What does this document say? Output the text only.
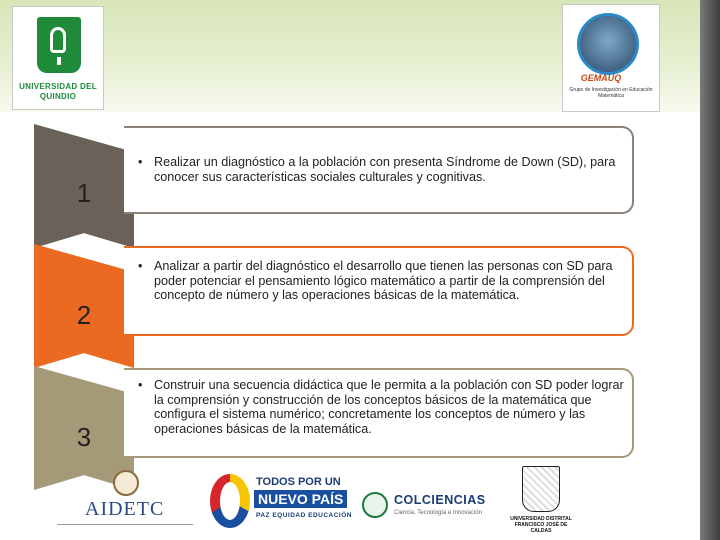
UNIVERSIDAD DEL QUINDIO
GEMAUQ
Grupo de Investigación en Educación Matemática
1
• Realizar un diagnóstico a la población con presenta Síndrome de Down (SD), para conocer sus características sociales culturales y cognitivas.
2
• Analizar a partir del diagnóstico el desarrollo que tienen las personas con SD para poder potenciar el pensamiento lógico matemático a partir de la comprensión del concepto de número y las operaciones básicas de la matemática.
3
• Construir una secuencia didáctica que le permita a la población con SD poder lograr la comprensión y construcción de los conceptos básicos de la matemática que configura el sistema numérico; concretamente los conceptos de número y las operaciones básicas de la matemática.
AIDETC
TODOS POR UN
NUEVO PAÍS
PAZ EQUIDAD EDUCACIÓN
COLCIENCIAS
Ciencia, Tecnología e Innovación
UNIVERSIDAD DISTRITAL FRANCISCO JOSÉ DE CALDAS
